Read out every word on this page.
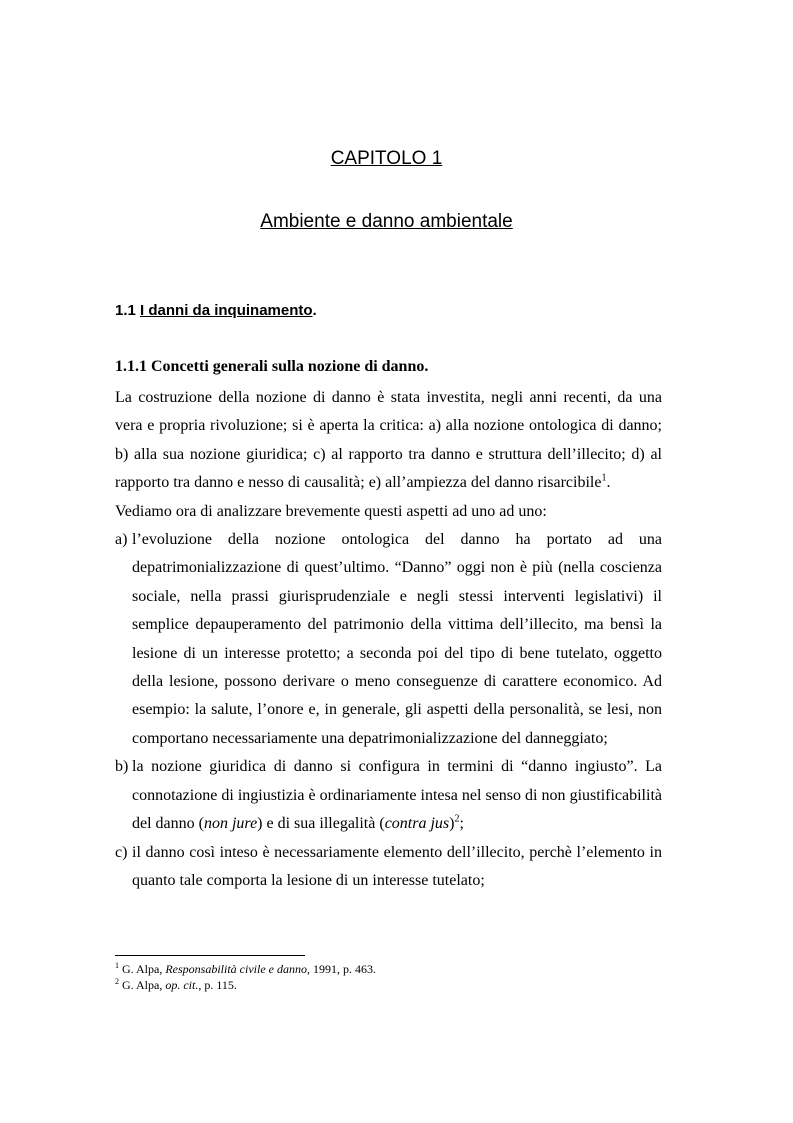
CAPITOLO 1
Ambiente e danno ambientale
1.1 I danni da inquinamento.
1.1.1 Concetti generali sulla nozione di danno.

La costruzione della nozione di danno è stata investita, negli anni recenti, da una vera e propria rivoluzione; si è aperta la critica: a) alla nozione ontologica di danno; b) alla sua nozione giuridica; c) al rapporto tra danno e struttura dell’illecito; d) al rapporto tra danno e nesso di causalità; e) all’ampiezza del danno risarcibile$^1$.

Vediamo ora di analizzare brevemente questi aspetti ad uno ad uno:

a) l’evoluzione della nozione ontologica del danno ha portato ad una depatrimonializzazione di quest’ultimo. “Danno” oggi non è più (nella coscienza sociale, nella prassi giurisprudenziale e negli stessi interventi legislativi) il semplice depauperamento del patrimonio della vittima dell’illecito, ma bensì la lesione di un interesse protetto; a seconda poi del tipo di bene tutelato, oggetto della lesione, possono derivare o meno conseguenze di carattere economico. Ad esempio: la salute, l’onore e, in generale, gli aspetti della personalità, se lesi, non comportano necessariamente una depatrimonializzazione del danneggiato;
b) la nozione giuridica di danno si configura in termini di “danno ingiusto”. La connotazione di ingiustizia è ordinariamente intesa nel senso di non giustificabilità del danno (non jure) e di sua illegalità (contra jus)$^2$;
c) il danno così inteso è necessariamente elemento dell’illecito, perchè l’elemento in quanto tale comporta la lesione di un interesse tutelato;
$^1$ G. Alpa, Responsabilità civile e danno, 1991, p. 463.
$^2$ G. Alpa, op. cit., p. 115.
